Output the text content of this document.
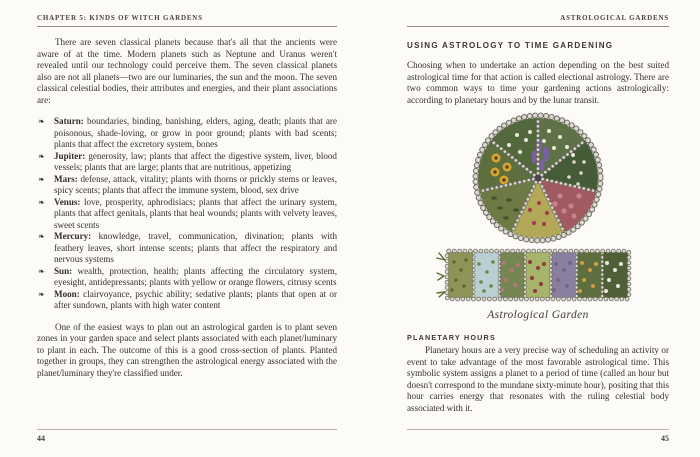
CHAPTER 5: KINDS OF WITCH GARDENS

There are seven classical planets because that's all that the ancients were aware of at the time. Modern planets such as Neptune and Uranus weren't revealed until our technology could perceive them. The seven classical planets also are not all planets—two are our luminaries, the sun and the moon. The seven classical celestial bodies, their attributes and energies, and their plant associations are:

❧ Saturn: boundaries, binding, banishing, elders, aging, death; plants that are poisonous, shade-loving, or grow in poor ground; plants with bad scents; plants that affect the excretory system, bones
❧ Jupiter: generosity, law; plants that affect the digestive system, liver, blood vessels; plants that are large; plants that are nutritious, appetizing
❧ Mars: defense, attack, vitality; plants with thorns or prickly stems or leaves, spicy scents; plants that affect the immune system, blood, sex drive
❧ Venus: love, prosperity, aphrodisiacs; plants that affect the urinary system, plants that affect genitals, plants that heal wounds; plants with velvety leaves, sweet scents
❧ Mercury: knowledge, travel, communication, divination; plants with feathery leaves, short intense scents; plants that affect the respiratory and nervous systems
❧ Sun: wealth, protection, health; plants affecting the circulatory system, eyesight, antidepressants; plants with yellow or orange flowers, citrusy scents
❧ Moon: clairvoyance, psychic ability; sedative plants; plants that open at or after sundown, plants with high water content

One of the easiest ways to plan out an astrological garden is to plant seven zones in your garden space and select plants associated with each planet/luminary to plant in each. The outcome of this is a good cross-section of plants. Planted together in groups, they can strengthen the astrological energy associated with the planet/luminary they're classified under.

44
ASTROLOGICAL GARDENS
USING ASTROLOGY TO TIME GARDENING

Choosing when to undertake an action depending on the best suited astrological time for that action is called electional astrology. There are two common ways to time your gardening actions astrologically: according to planetary hours and by the lunar transit.

Astrological Garden
PLANETARY HOURS

Planetary hours are a very precise way of scheduling an activity or event to take advantage of the most favorable astrological time. This symbolic system assigns a planet to a period of time (called an hour but doesn't correspond to the mundane sixty-minute hour), positing that this hour carries energy that resonates with the ruling celestial body associated with it.

45
